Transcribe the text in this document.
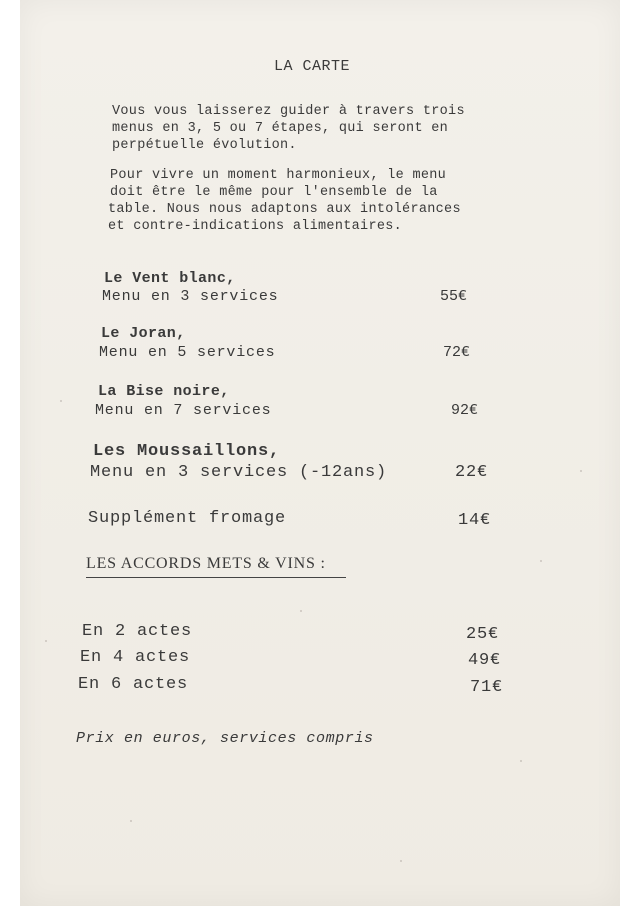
LA CARTE
Vous vous laisserez guider à travers trois
menus en 3, 5 ou 7 étapes, qui seront en
perpétuelle évolution.
Pour vivre un moment harmonieux, le menu
doit être le même pour l'ensemble de la
table. Nous nous adaptons aux intolérances
et contre-indications alimentaires.
Le Vent blanc,
Menu en 3 services	55€
Le Joran,
Menu en 5 services	72€
La Bise noire,
Menu en 7 services	92€
Les Moussaillons,
Menu en 3 services (-12ans)	22€
Supplément fromage	14€
LES ACCORDS METS & VINS :
En 2 actes	25€
En 4 actes	49€
En 6 actes	71€
Prix en euros, services compris
